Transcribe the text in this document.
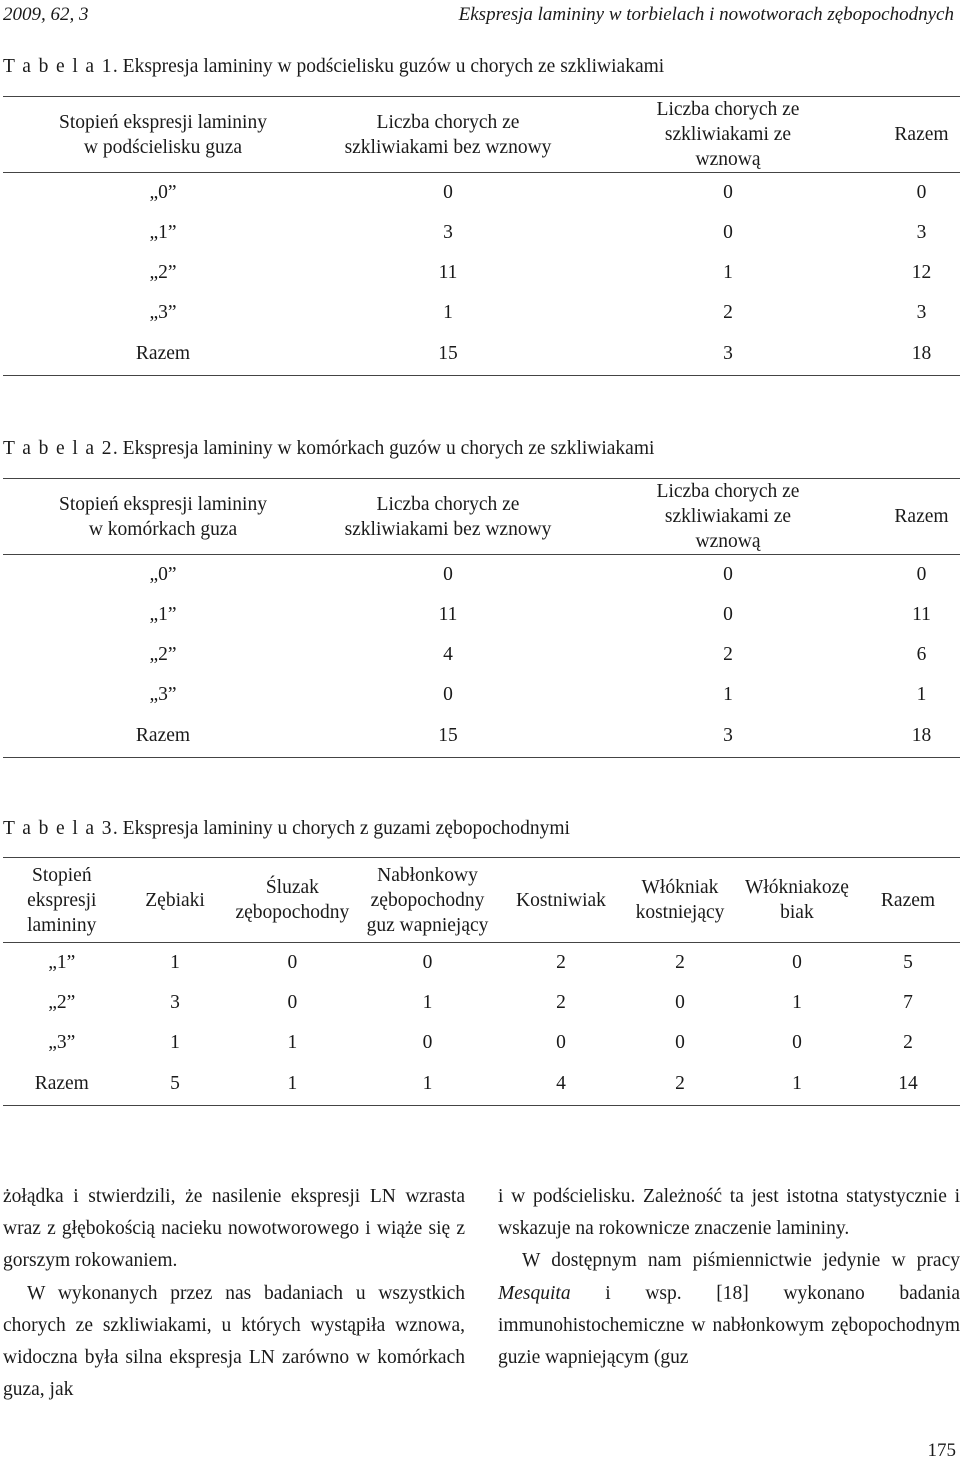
2009, 62, 3	Ekspresja lamininy w torbielach i nowotworach zębopochodnych
T a b e l a 1. Ekspresja lamininy w podścielisku guzów u chorych ze szkliwiakami
Stopień ekspresji lamininy w podścielisku guza	Liczba chorych ze szkliwiakami bez wznowy	Liczba chorych ze szkliwiakami ze wznową	Razem
„0”	0	0	0
„1”	3	0	3
„2”	11	1	12
„3”	1	2	3
Razem	15	3	18
T a b e l a 2. Ekspresja lamininy w komórkach guzów u chorych ze szkliwiakami
Stopień ekspresji lamininy w komórkach guza	Liczba chorych ze szkliwiakami bez wznowy	Liczba chorych ze szkliwiakami ze wznową	Razem
„0”	0	0	0
„1”	11	0	11
„2”	4	2	6
„3”	0	1	1
Razem	15	3	18
T a b e l a 3. Ekspresja lamininy u chorych z guzami zębopochodnymi
Stopień ekspresji lamininy	Zębiaki	Śluzak zębopochodny	Nabłonkowy zębopochodny guz wapniejący	Kostniwiak	Włókniak kostniejący	Włókniakozębiak	Razem
„1”	1	0	0	2	2	0	5
„2”	3	0	1	2	0	1	7
„3”	1	1	0	0	0	0	2
Razem	5	1	1	4	2	1	14

żołądka i stwierdzili, że nasilenie ekspresji LN wzrasta wraz z głębokością nacieku nowotworowego i wiąże się z gorszym rokowaniem.

W wykonanych przez nas badaniach u wszystkich chorych ze szkliwiakami, u których wystąpiła wznowa, widoczna była silna ekspresja LN zarówno w komórkach guza, jak

i w podścielisku. Zależność ta jest istotna statystycznie i wskazuje na rokownicze znaczenie lamininy.

W dostępnym nam piśmiennictwie jedynie w pracy Mesquita i wsp. [18] wykonano badania immunohistochemiczne w nabłonkowym zębopochodnym guzie wapniejącym (guz

175
